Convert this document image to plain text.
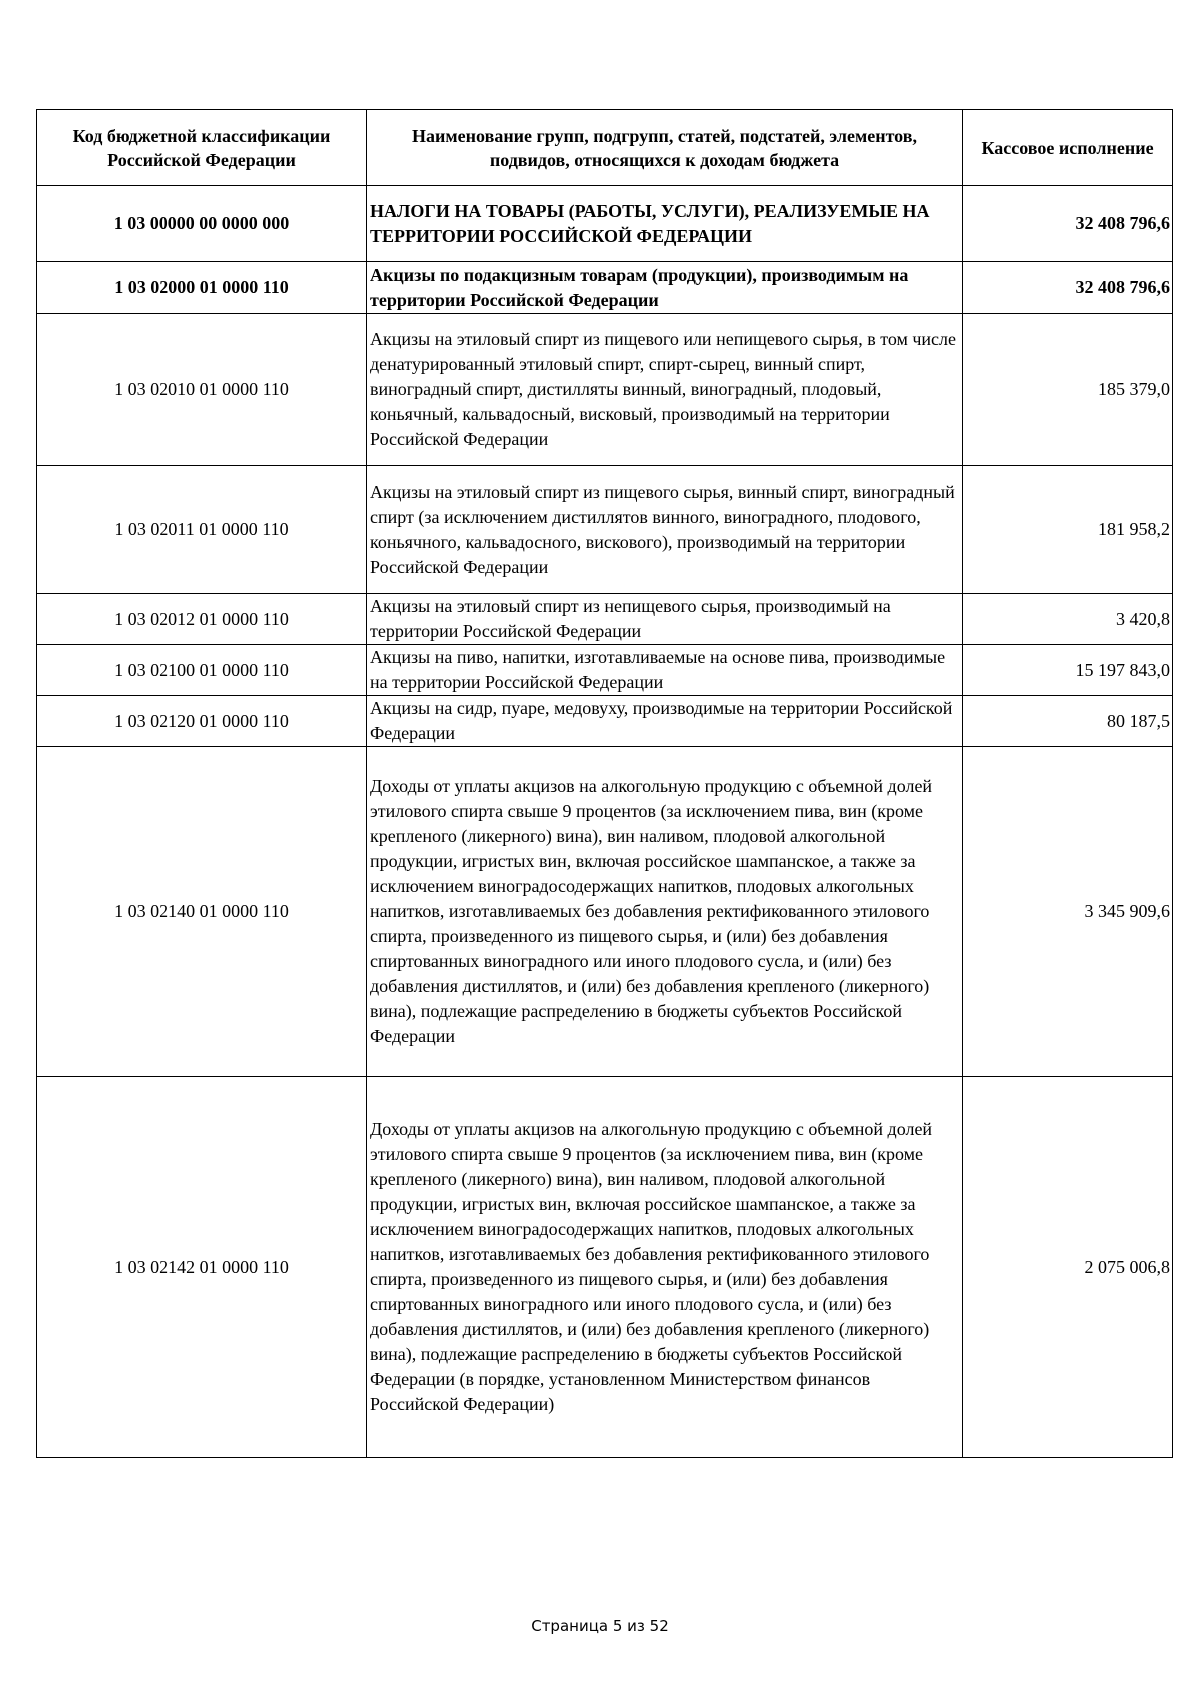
Код бюджетной классификации Российской Федерации	Наименование групп, подгрупп, статей, подстатей, элементов, подвидов, относящихся к доходам бюджета	Кассовое исполнение
1 03 00000 00 0000 000	НАЛОГИ НА ТОВАРЫ (РАБОТЫ, УСЛУГИ), РЕАЛИЗУЕМЫЕ НА ТЕРРИТОРИИ РОССИЙСКОЙ ФЕДЕРАЦИИ	32 408 796,6
1 03 02000 01 0000 110	Акцизы по подакцизным товарам (продукции), производимым на территории Российской Федерации	32 408 796,6
1 03 02010 01 0000 110	Акцизы на этиловый спирт из пищевого или непищевого сырья, в том числе денатурированный этиловый спирт, спирт-сырец, винный спирт, виноградный спирт, дистилляты винный, виноградный, плодовый, коньячный, кальвадосный, висковый, производимый на территории Российской Федерации	185 379,0
1 03 02011 01 0000 110	Акцизы на этиловый спирт из пищевого сырья, винный спирт, виноградный спирт (за исключением дистиллятов винного, виноградного, плодового, коньячного, кальвадосного, вискового), производимый на территории Российской Федерации	181 958,2
1 03 02012 01 0000 110	Акцизы на этиловый спирт из непищевого сырья, производимый на территории Российской Федерации	3 420,8
1 03 02100 01 0000 110	Акцизы на пиво, напитки, изготавливаемые на основе пива, производимые на территории Российской Федерации	15 197 843,0
1 03 02120 01 0000 110	Акцизы на сидр, пуаре, медовуху, производимые на территории Российской Федерации	80 187,5
1 03 02140 01 0000 110	Доходы от уплаты акцизов на алкогольную продукцию с объемной долей этилового спирта свыше 9 процентов (за исключением пива, вин (кроме крепленого (ликерного) вина), вин наливом, плодовой алкогольной продукции, игристых вин, включая российское шампанское, а также за исключением виноградосодержащих напитков, плодовых алкогольных напитков, изготавливаемых без добавления ректификованного этилового спирта, произведенного из пищевого сырья, и (или) без добавления спиртованных виноградного или иного плодового сусла, и (или) без добавления дистиллятов, и (или) без добавления крепленого (ликерного) вина), подлежащие распределению в бюджеты субъектов Российской Федерации	3 345 909,6
1 03 02142 01 0000 110	Доходы от уплаты акцизов на алкогольную продукцию с объемной долей этилового спирта свыше 9 процентов (за исключением пива, вин (кроме крепленого (ликерного) вина), вин наливом, плодовой алкогольной продукции, игристых вин, включая российское шампанское, а также за исключением виноградосодержащих напитков, плодовых алкогольных напитков, изготавливаемых без добавления ректификованного этилового спирта, произведенного из пищевого сырья, и (или) без добавления спиртованных виноградного или иного плодового сусла, и (или) без добавления дистиллятов, и (или) без добавления крепленого (ликерного) вина), подлежащие распределению в бюджеты субъектов Российской Федерации (в порядке, установленном Министерством финансов Российской Федерации)	2 075 006,8
Страница 5 из 52
